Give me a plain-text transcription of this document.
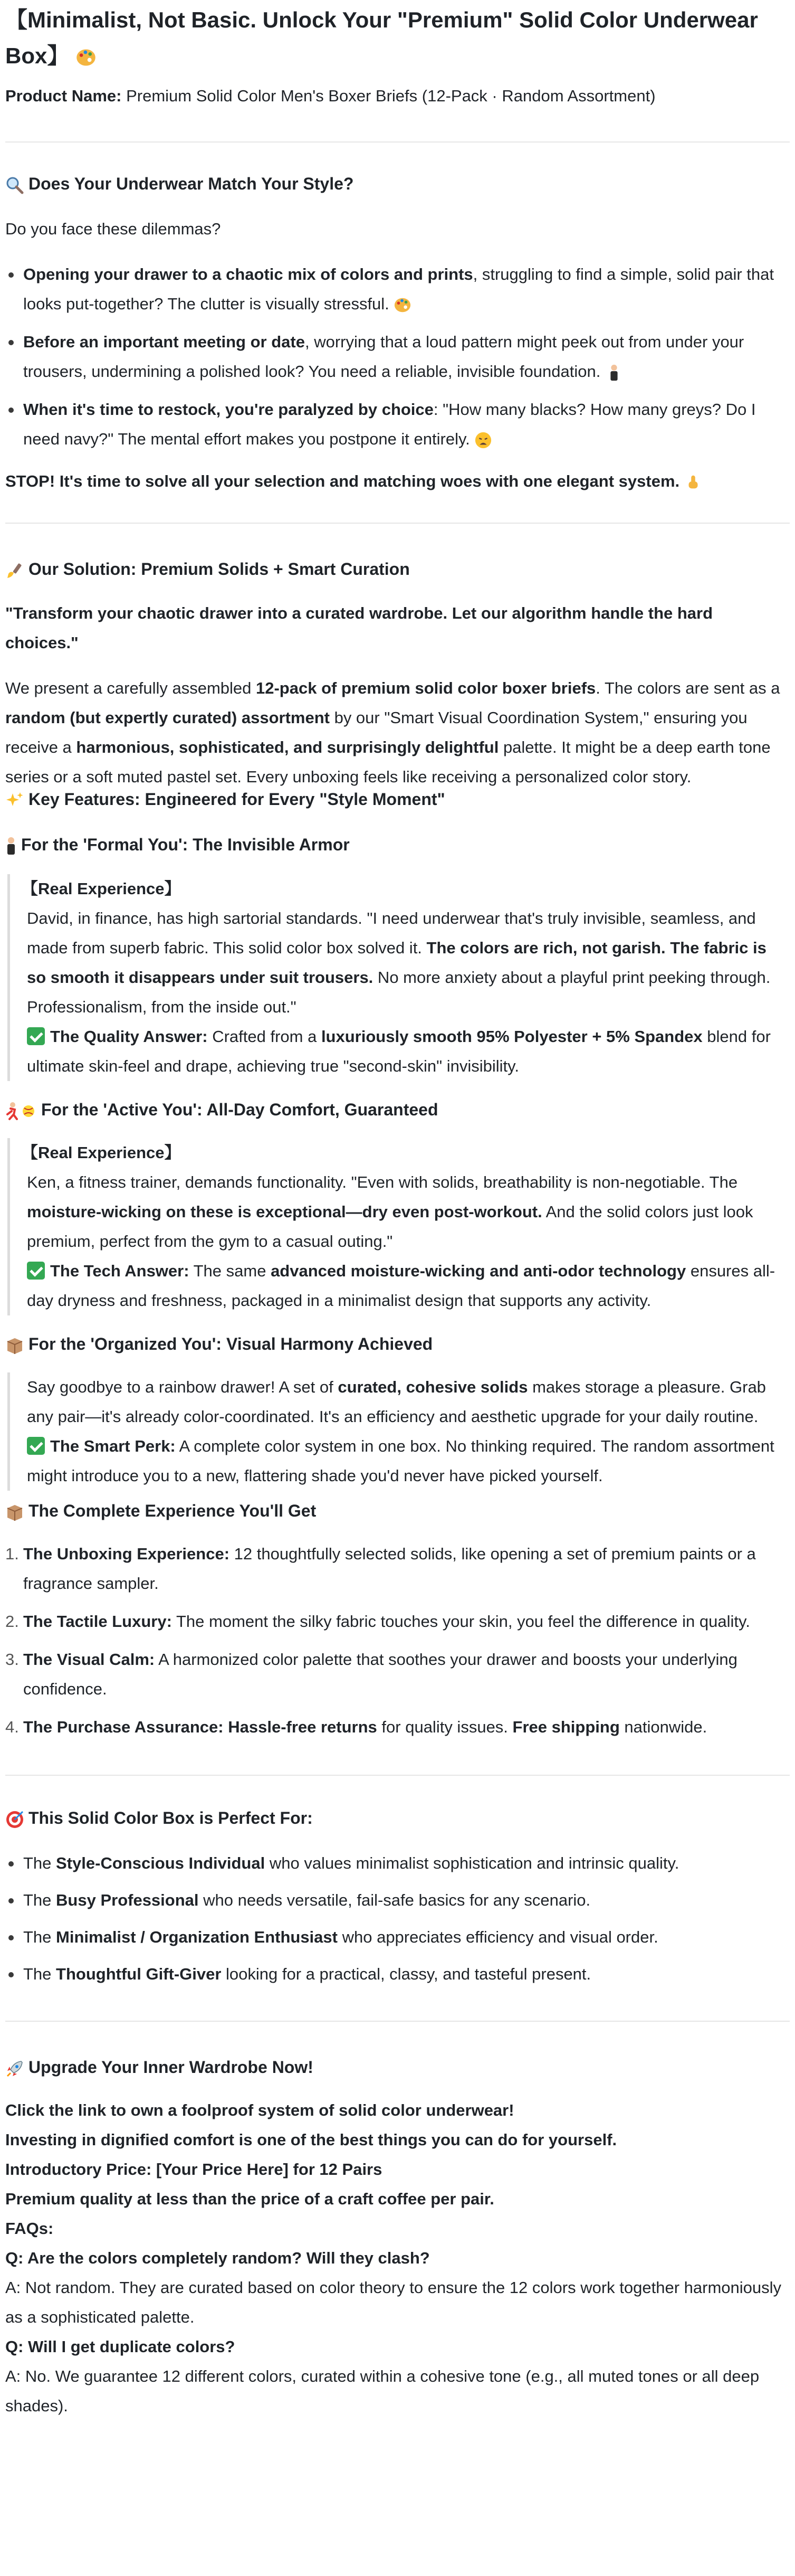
【Minimalist, Not Basic. Unlock Your "Premium" Solid Color Underwear Box】

Product Name: Premium Solid Color Men's Boxer Briefs (12-Pack · Random Assortment)

Does Your Underwear Match Your Style?

Do you face these dilemmas?

Opening your drawer to a chaotic mix of colors and prints, struggling to find a simple, solid pair that looks put-together? The clutter is visually stressful.
Before an important meeting or date, worrying that a loud pattern might peek out from under your trousers, undermining a polished look? You need a reliable, invisible foundation.
When it's time to restock, you're paralyzed by choice: "How many blacks? How many greys? Do I need navy?" The mental effort makes you postpone it entirely.

STOP! It's time to solve all your selection and matching woes with one elegant system.

Our Solution: Premium Solids + Smart Curation

"Transform your chaotic drawer into a curated wardrobe. Let our algorithm handle the hard choices."

We present a carefully assembled 12-pack of premium solid color boxer briefs. The colors are sent as a random (but expertly curated) assortment by our "Smart Visual Coordination System," ensuring you receive a harmonious, sophisticated, and surprisingly delightful palette. It might be a deep earth tone series or a soft muted pastel set. Every unboxing feels like receiving a personalized color story.

Key Features: Engineered for Every "Style Moment"

For the 'Formal You': The Invisible Armor

【Real Experience】

David, in finance, has high sartorial standards. "I need underwear that's truly invisible, seamless, and made from superb fabric. This solid color box solved it. The colors are rich, not garish. The fabric is so smooth it disappears under suit trousers. No more anxiety about a playful print peeking through. Professionalism, from the inside out."

The Quality Answer: Crafted from a luxuriously smooth 95% Polyester + 5% Spandex blend for ultimate skin-feel and drape, achieving true "second-skin" invisibility.

For the 'Active You': All-Day Comfort, Guaranteed

【Real Experience】

Ken, a fitness trainer, demands functionality. "Even with solids, breathability is non-negotiable. The moisture-wicking on these is exceptional—dry even post-workout. And the solid colors just look premium, perfect from the gym to a casual outing."

The Tech Answer: The same advanced moisture-wicking and anti-odor technology ensures all-day dryness and freshness, packaged in a minimalist design that supports any activity.

For the 'Organized You': Visual Harmony Achieved

Say goodbye to a rainbow drawer! A set of curated, cohesive solids makes storage a pleasure. Grab any pair—it's already color-coordinated. It's an efficiency and aesthetic upgrade for your daily routine.

The Smart Perk: A complete color system in one box. No thinking required. The random assortment might introduce you to a new, flattering shade you'd never have picked yourself.

The Complete Experience You'll Get

1. The Unboxing Experience: 12 thoughtfully selected solids, like opening a set of premium paints or a fragrance sampler.
2. The Tactile Luxury: The moment the silky fabric touches your skin, you feel the difference in quality.
3. The Visual Calm: A harmonized color palette that soothes your drawer and boosts your underlying confidence.
4. The Purchase Assurance: Hassle-free returns for quality issues. Free shipping nationwide.

This Solid Color Box is Perfect For:

The Style-Conscious Individual who values minimalist sophistication and intrinsic quality.
The Busy Professional who needs versatile, fail-safe basics for any scenario.
The Minimalist / Organization Enthusiast who appreciates efficiency and visual order.
The Thoughtful Gift-Giver looking for a practical, classy, and tasteful present.

Upgrade Your Inner Wardrobe Now!

Click the link to own a foolproof system of solid color underwear!

Investing in dignified comfort is one of the best things you can do for yourself.

Introductory Price: [Your Price Here] for 12 Pairs

Premium quality at less than the price of a craft coffee per pair.

FAQs:

Q: Are the colors completely random? Will they clash?

A: Not random. They are curated based on color theory to ensure the 12 colors work together harmoniously as a sophisticated palette.

Q: Will I get duplicate colors?

A: No. We guarantee 12 different colors, curated within a cohesive tone (e.g., all muted tones or all deep shades).
